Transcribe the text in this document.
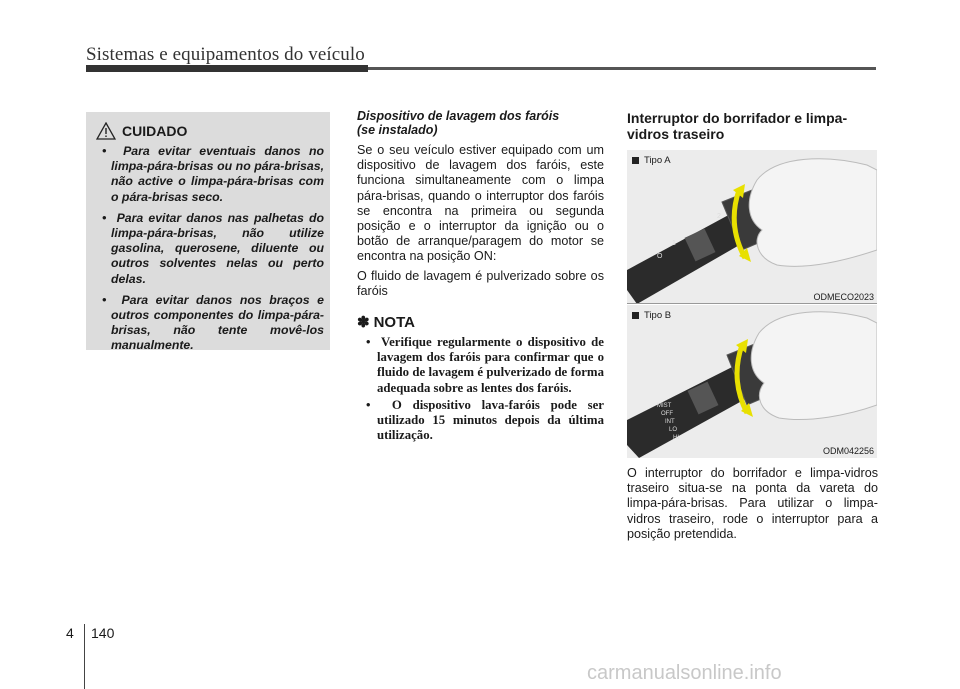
Sistemas e equipamentos do veículo
CUIDADO
•  Para evitar eventuais danos no limpa-pára-brisas ou no pára-brisas, não active o limpa-pára-brisas com o pára-brisas seco.
•  Para evitar danos nas palhetas do limpa-pára-brisas, não utilize gasolina, querosene, diluente ou outros solventes nelas ou perto delas.
•  Para evitar danos nos braços e outros componentes do limpa-pára-brisas, não tente movê-los manualmente.
Dispositivo de lavagem dos faróis
(se instalado)

Se o seu veículo estiver equipado com um dispositivo de lavagem dos faróis, este funciona simultaneamente com o limpa pára-brisas, quando o interruptor dos faróis se encontra na primeira ou segunda posição e o interruptor da ignição ou o botão de arranque/paragem do motor se encontra na posição ON:

O fluido de lavagem é pulverizado sobre os faróis

✽ NOTA
•  Verifique regularmente o dispositivo de lavagem dos faróis para confirmar que o fluido de lavagem é pulverizado de forma adequada sobre as lentes dos faróis.
•  O dispositivo lava-faróis pode ser utilizado 15 minutos depois da última utilização.

Interruptor do borrifador e limpa-
vidros traseiro

O
1
2
Tipo A
ODMECO2023
MIST
OFF
INT
LO
HI
Tipo B
ODM042256
O interruptor do borrifador e limpa-vidros traseiro situa-se na ponta da vareta do limpa-pára-brisas. Para utilizar o limpa-vidros traseiro, rode o interruptor para a posição pretendida.
4 140
carmanualsonline.info
